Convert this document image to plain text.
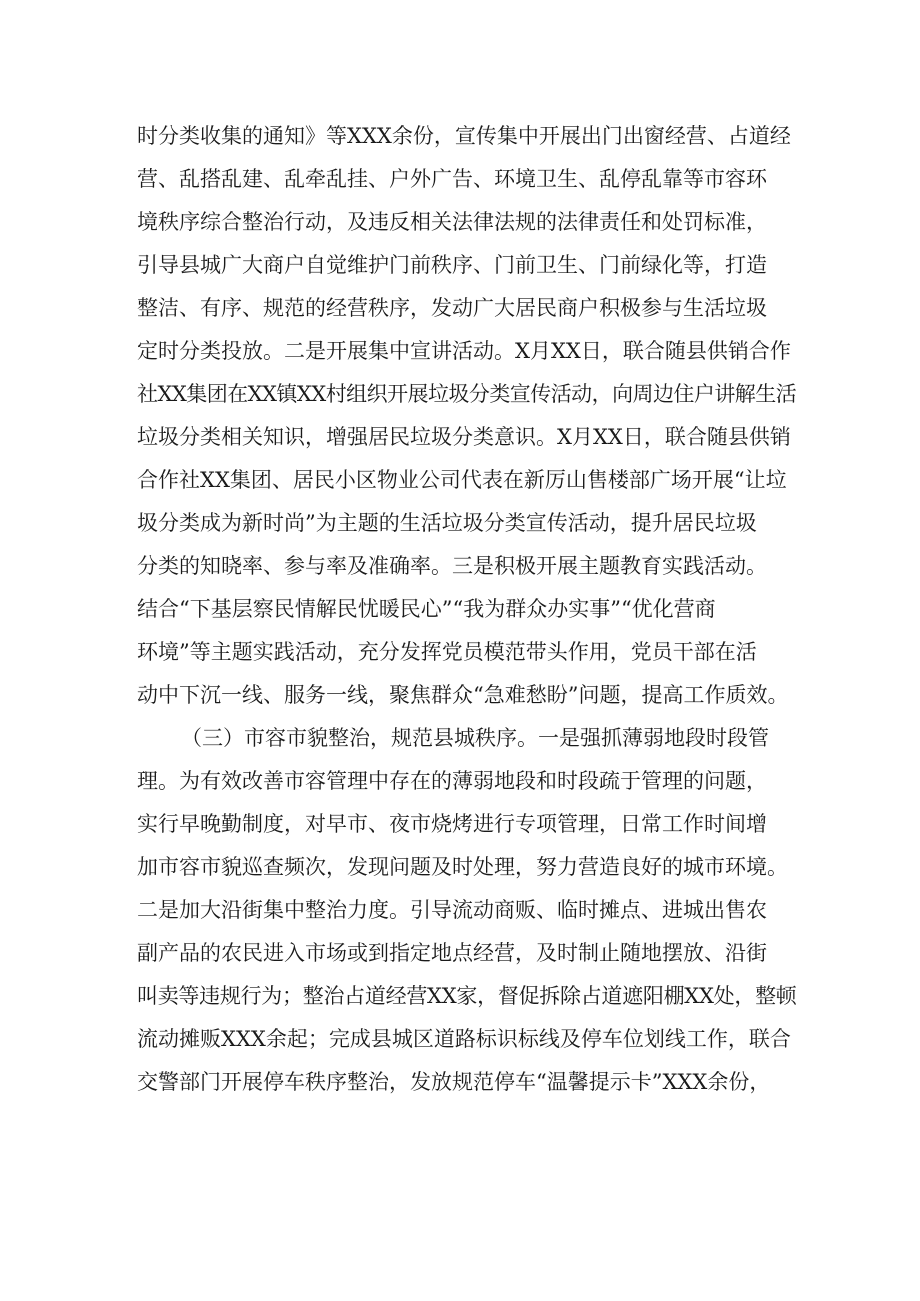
时分类收集的通知》等XXX余份，宣传集中开展出门出窗经营、占道经
营、乱搭乱建、乱牵乱挂、户外广告、环境卫生、乱停乱靠等市容环
境秩序综合整治行动，及违反相关法律法规的法律责任和处罚标准，
引导县城广大商户自觉维护门前秩序、门前卫生、门前绿化等，打造
整洁、有序、规范的经营秩序，发动广大居民商户积极参与生活垃圾
定时分类投放。二是开展集中宣讲活动。X月XX日，联合随县供销合作
社XX集团在XX镇XX村组织开展垃圾分类宣传活动，向周边住户讲解生活
垃圾分类相关知识，增强居民垃圾分类意识。X月XX日，联合随县供销
合作社XX集团、居民小区物业公司代表在新厉山售楼部广场开展“让垃
圾分类成为新时尚”为主题的生活垃圾分类宣传活动，提升居民垃圾
分类的知晓率、参与率及准确率。三是积极开展主题教育实践活动。
结合“下基层察民情解民忧暖民心”“我为群众办实事”“优化营商
环境”等主题实践活动，充分发挥党员模范带头作用，党员干部在活
动中下沉一线、服务一线，聚焦群众“急难愁盼”问题，提高工作质效。
（三）市容市貌整治，规范县城秩序。一是强抓薄弱地段时段管
理。为有效改善市容管理中存在的薄弱地段和时段疏于管理的问题，
实行早晚勤制度，对早市、夜市烧烤进行专项管理，日常工作时间增
加市容市貌巡查频次，发现问题及时处理，努力营造良好的城市环境。
二是加大沿街集中整治力度。引导流动商贩、临时摊点、进城出售农
副产品的农民进入市场或到指定地点经营，及时制止随地摆放、沿街
叫卖等违规行为；整治占道经营XX家，督促拆除占道遮阳棚XX处，整顿
流动摊贩XXX余起；完成县城区道路标识标线及停车位划线工作，联合
交警部门开展停车秩序整治，发放规范停车“温馨提示卡”XXX余份，
